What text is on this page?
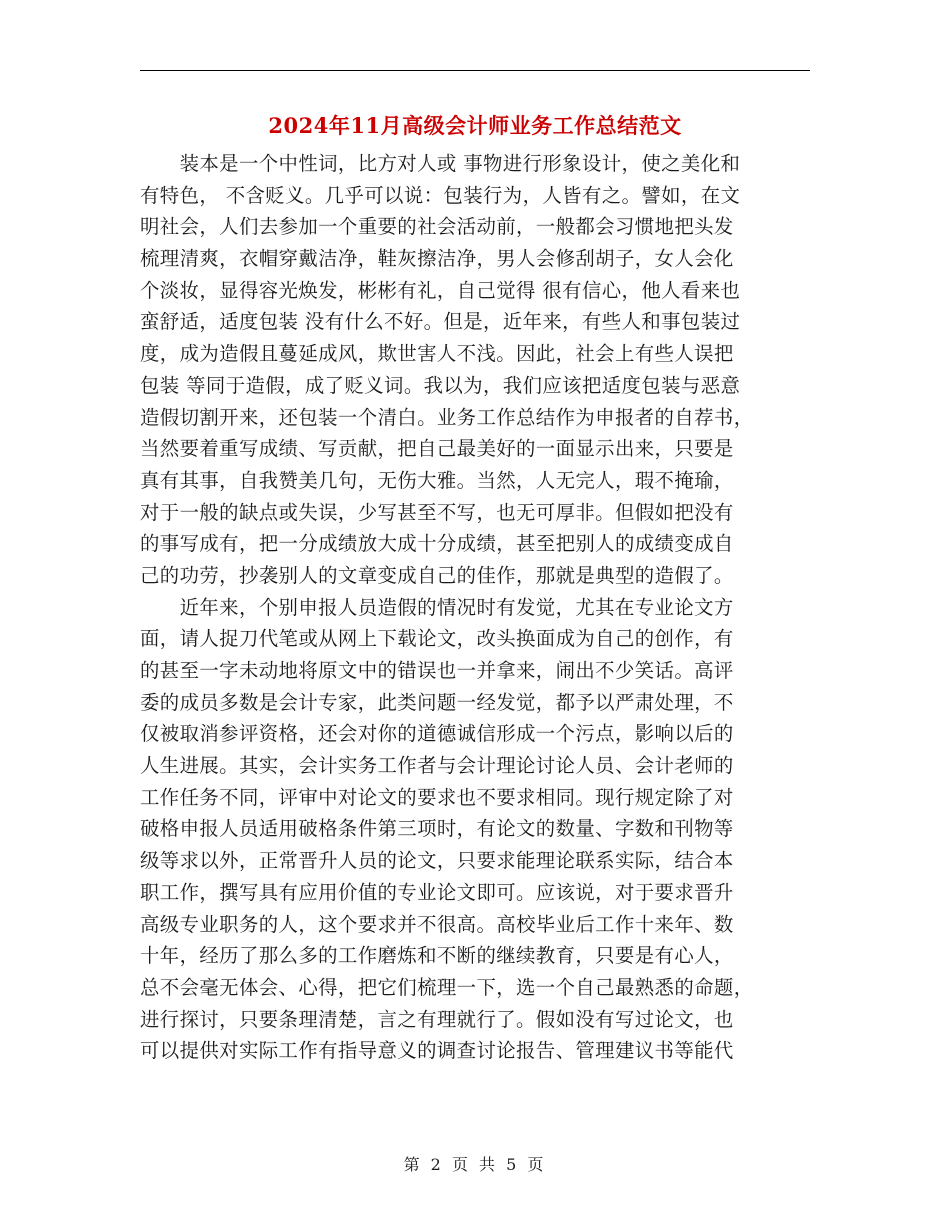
2024年11月高级会计师业务工作总结范文
　　装本是一个中性词，比方对人或 事物进行形象设计，使之美化和
有特色， 不含贬义。几乎可以说：包装行为，人皆有之。譬如，在文
明社会，人们去参加一个重要的社会活动前，一般都会习惯地把头发
梳理清爽，衣帽穿戴洁净，鞋灰擦洁净，男人会修刮胡子，女人会化
个淡妆，显得容光焕发，彬彬有礼，自己觉得 很有信心，他人看来也
蛮舒适，适度包装 没有什么不好。但是，近年来，有些人和事包装过
度，成为造假且蔓延成风，欺世害人不浅。因此，社会上有些人误把
包装 等同于造假，成了贬义词。我以为，我们应该把适度包装与恶意
造假切割开来，还包装一个清白。业务工作总结作为申报者的自荐书，
当然要着重写成绩、写贡献，把自己最美好的一面显示出来，只要是
真有其事，自我赞美几句，无伤大雅。当然，人无完人，瑕不掩瑜，
对于一般的缺点或失误，少写甚至不写，也无可厚非。但假如把没有
的事写成有，把一分成绩放大成十分成绩，甚至把别人的成绩变成自
己的功劳，抄袭别人的文章变成自己的佳作，那就是典型的造假了。
　　近年来，个别申报人员造假的情况时有发觉，尤其在专业论文方
面，请人捉刀代笔或从网上下载论文，改头换面成为自己的创作，有
的甚至一字未动地将原文中的错误也一并拿来，闹出不少笑话。高评
委的成员多数是会计专家，此类问题一经发觉，都予以严肃处理，不
仅被取消参评资格，还会对你的道德诚信形成一个污点，影响以后的
人生进展。其实，会计实务工作者与会计理论讨论人员、会计老师的
工作任务不同，评审中对论文的要求也不要求相同。现行规定除了对
破格申报人员适用破格条件第三项时，有论文的数量、字数和刊物等
级等求以外，正常晋升人员的论文，只要求能理论联系实际，结合本
职工作，撰写具有应用价值的专业论文即可。应该说，对于要求晋升
高级专业职务的人，这个要求并不很高。高校毕业后工作十来年、数
十年，经历了那么多的工作磨炼和不断的继续教育，只要是有心人，
总不会毫无体会、心得，把它们梳理一下，选一个自己最熟悉的命题，
进行探讨，只要条理清楚，言之有理就行了。假如没有写过论文，也
可以提供对实际工作有指导意义的调查讨论报告、管理建议书等能代
第 2 页 共 5 页
